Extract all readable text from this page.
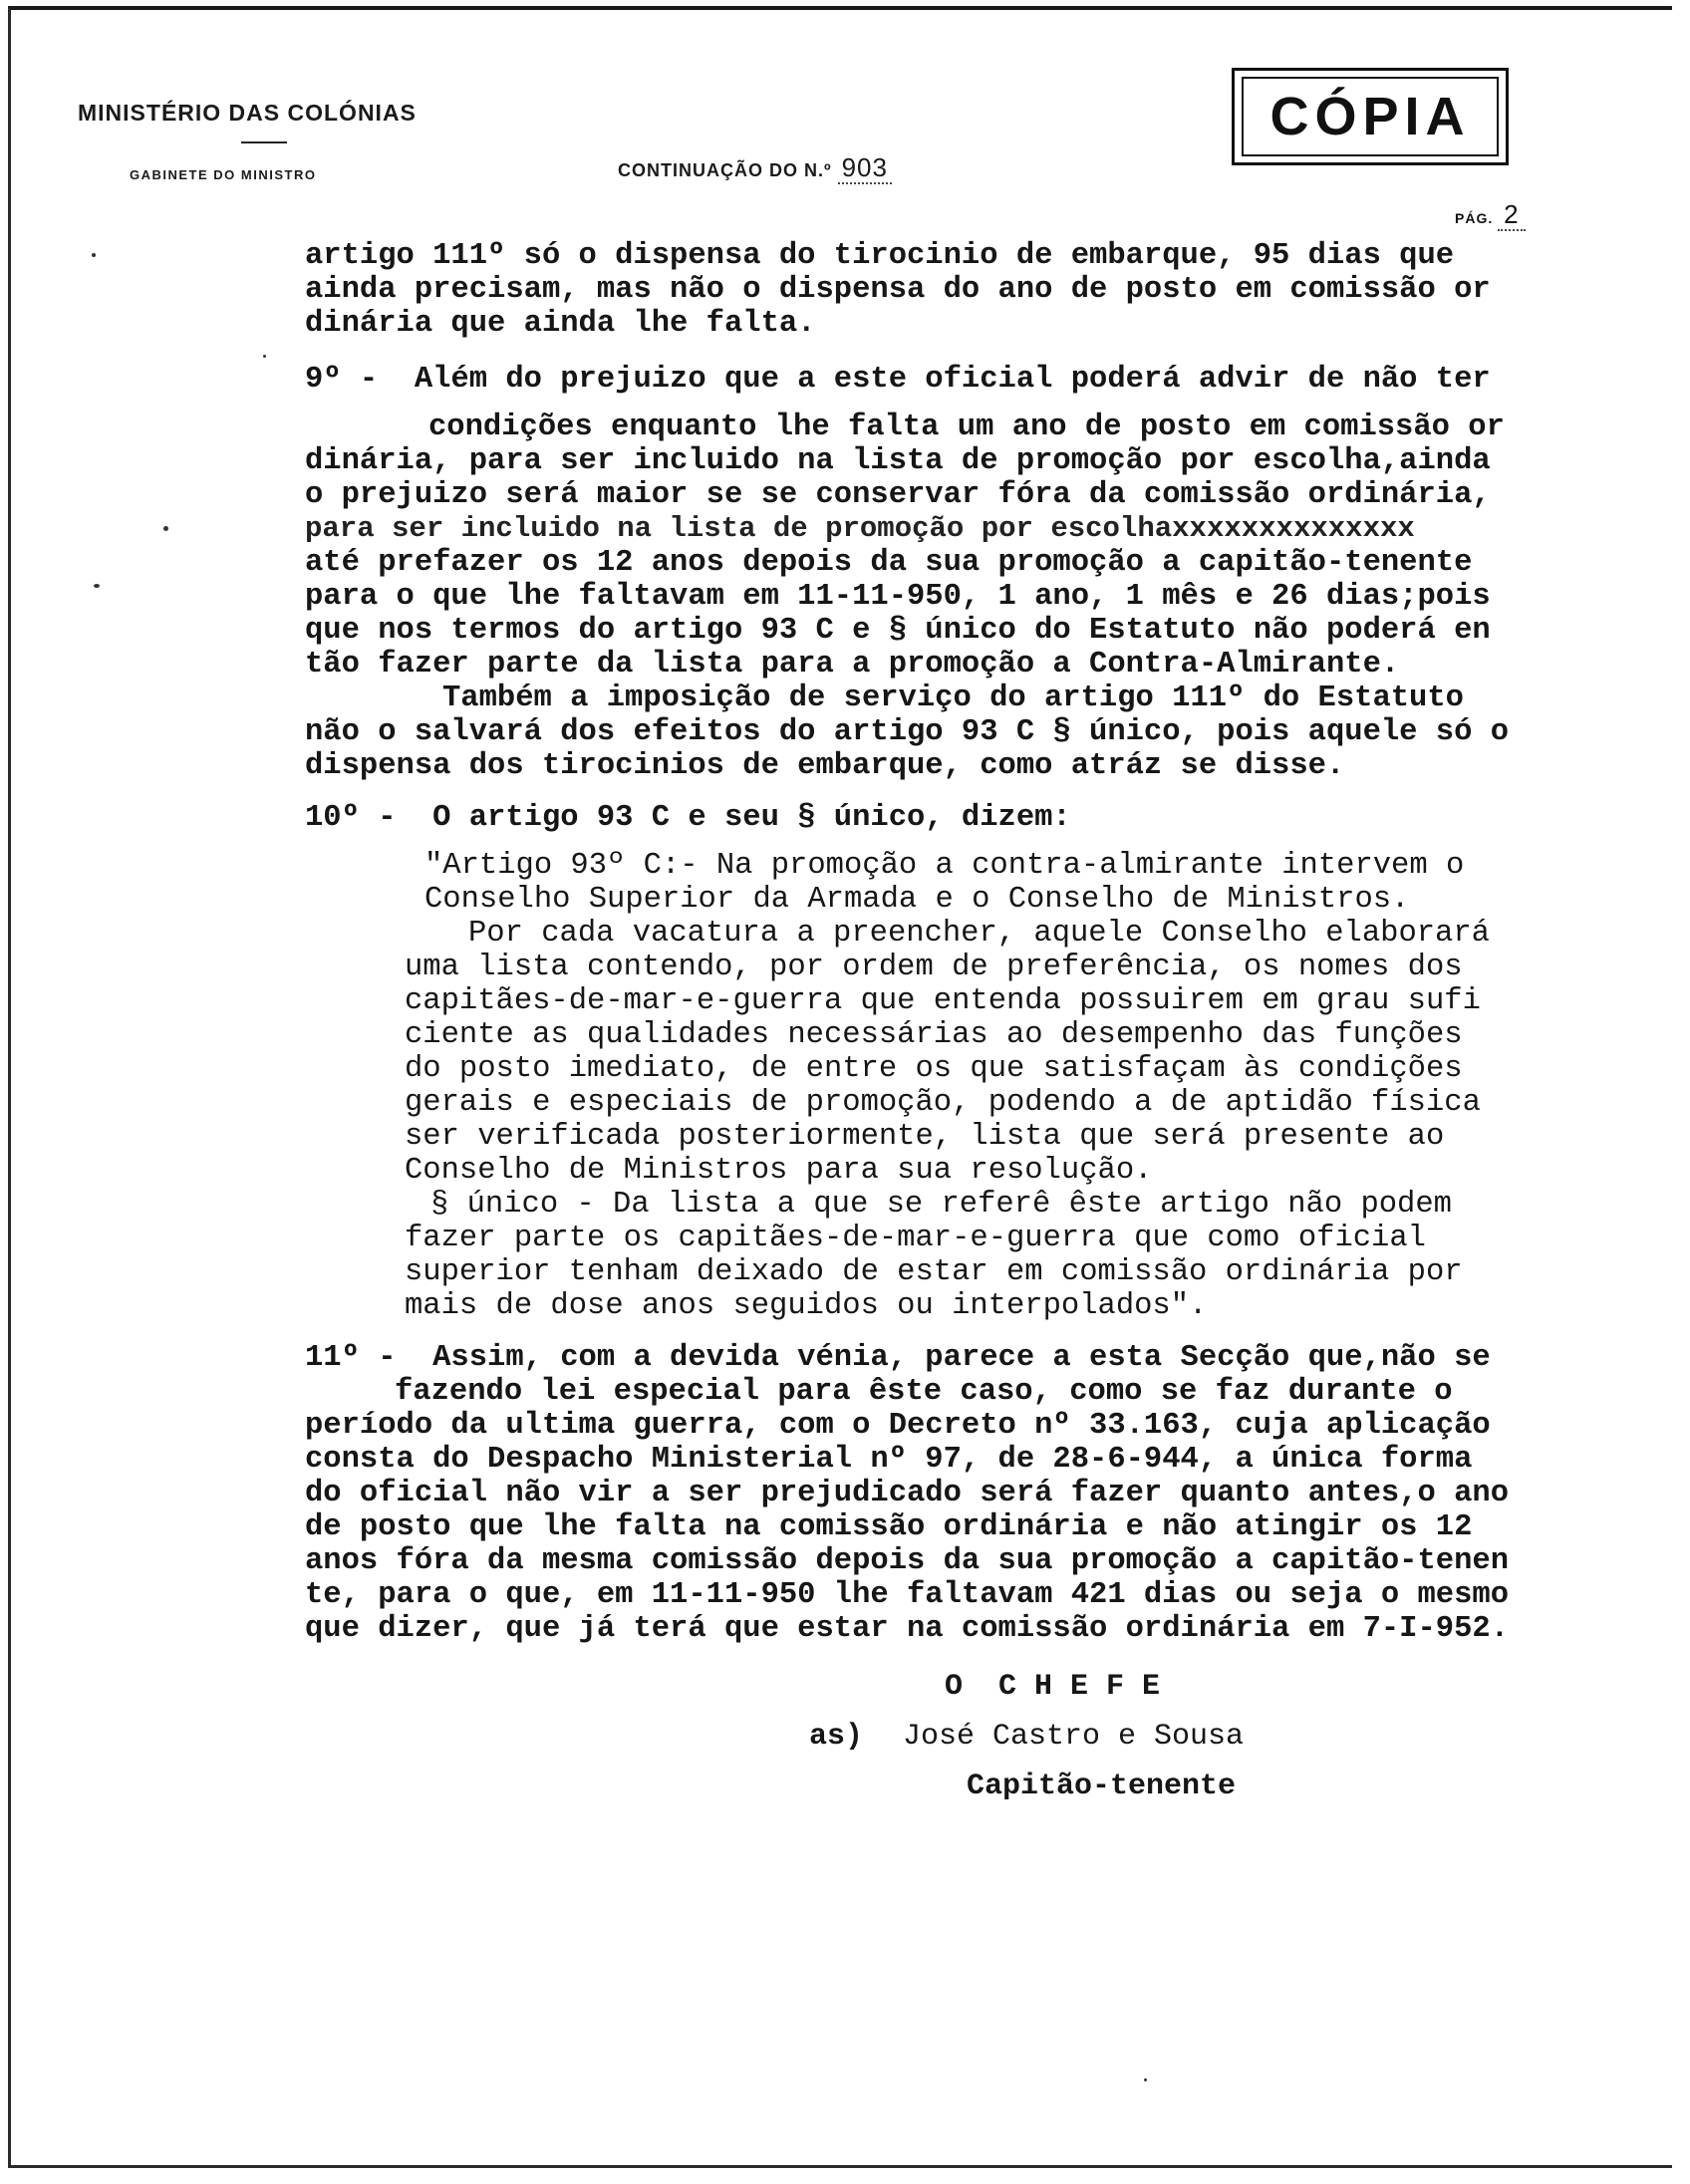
MINISTÉRIO DAS COLÓNIAS
GABINETE DO MINISTRO	CONTINUAÇÃO DO N.º 903
CÓPIA
PÁG. 2
artigo 111º só o dispensa do tirocinio de embarque, 95 dias que
ainda precisam, mas não o dispensa do ano de posto em comissão or
dinária que ainda lhe falta.
9º -  Além do prejuizo que a este oficial poderá advir de não ter
condições enquanto lhe falta um ano de posto em comissão or
dinária, para ser incluido na lista de promoção por escolha,ainda
o prejuizo será maior se se conservar fóra da comissão ordinária,
para ser incluido na lista de promoção por escolhaxxxxxxxxxxxxxx
até prefazer os 12 anos depois da sua promoção a capitão-tenente
para o que lhe faltavam em 11-11-950, 1 ano, 1 mês e 26 dias;pois
que nos termos do artigo 93 C e § único do Estatuto não poderá en
tão fazer parte da lista para a promoção a Contra-Almirante.
Também a imposição de serviço do artigo 111º do Estatuto
não o salvará dos efeitos do artigo 93 C § único, pois aquele só o
dispensa dos tirocinios de embarque, como atráz se disse.
10º -  O artigo 93 C e seu § único, dizem:
"Artigo 93º C:- Na promoção a contra-almirante intervem o
Conselho Superior da Armada e o Conselho de Ministros.
Por cada vacatura a preencher, aquele Conselho elaborará
uma lista contendo, por ordem de preferência, os nomes dos
capitães-de-mar-e-guerra que entenda possuirem em grau sufi
ciente as qualidades necessárias ao desempenho das funções
do posto imediato, de entre os que satisfaçam às condições
gerais e especiais de promoção, podendo a de aptidão física
ser verificada posteriormente, lista que será presente ao
Conselho de Ministros para sua resolução.
§ único - Da lista a que se referê êste artigo não podem
fazer parte os capitães-de-mar-e-guerra que como oficial
superior tenham deixado de estar em comissão ordinária por
mais de dose anos seguidos ou interpolados".
11º -  Assim, com a devida vénia, parece a esta Secção que,não se
fazendo lei especial para êste caso, como se faz durante o
período da ultima guerra, com o Decreto nº 33.163, cuja aplicação
consta do Despacho Ministerial nº 97, de 28-6-944, a única forma
do oficial não vir a ser prejudicado será fazer quanto antes,o ano
de posto que lhe falta na comissão ordinária e não atingir os 12
anos fóra da mesma comissão depois da sua promoção a capitão-tenen
te, para o que, em 11-11-950 lhe faltavam 421 dias ou seja o mesmo
que dizer, que já terá que estar na comissão ordinária em 7-I-952.
O  C H E F E
as) José Castro e Sousa
Capitão-tenente
